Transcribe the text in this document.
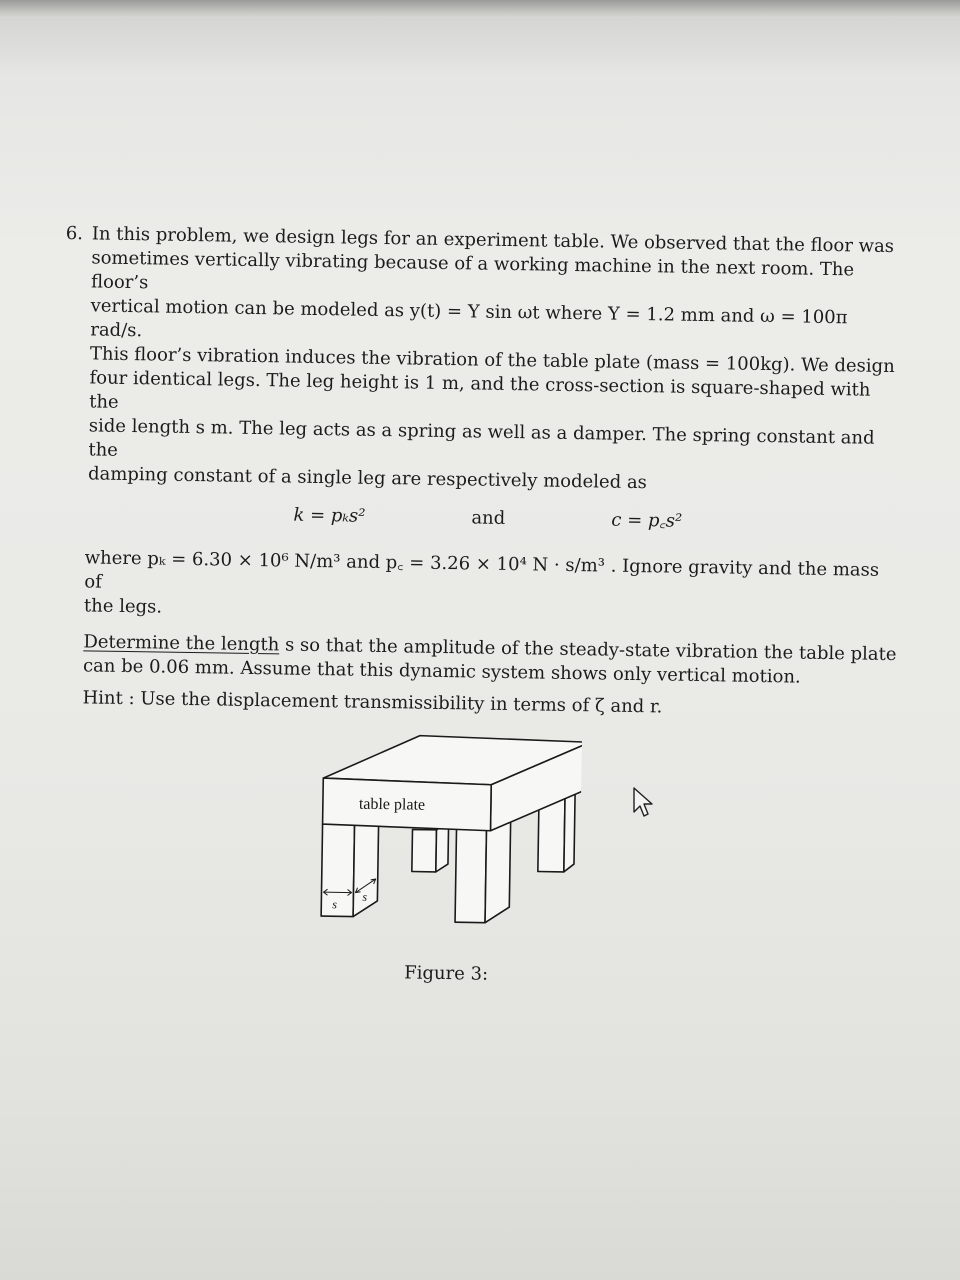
6. In this problem, we design legs for an experiment table. We observed that the floor was

sometimes vertically vibrating because of a working machine in the next room. The floor’s

vertical motion can be modeled as y(t) = Y sin ωt where Y = 1.2 mm and ω = 100π rad/s.

This floor’s vibration induces the vibration of the table plate (mass = 100kg). We design

four identical legs. The leg height is 1 m, and the cross-section is square-shaped with the

side length s m. The leg acts as a spring as well as a damper. The spring constant and the

damping constant of a single leg are respectively modeled as

k = pₖs²	and	c = p꜀s²

where pₖ = 6.30 × 10⁶ N/m³ and p꜀ = 3.26 × 10⁴ N · s/m³ . Ignore gravity and the mass of

the legs.

Determine the length s so that the amplitude of the steady-state vibration the table plate

can be 0.06 mm. Assume that this dynamic system shows only vertical motion.

Hint : Use the displacement transmissibility in terms of ζ and r.
table plate
s
s
Figure 3:
